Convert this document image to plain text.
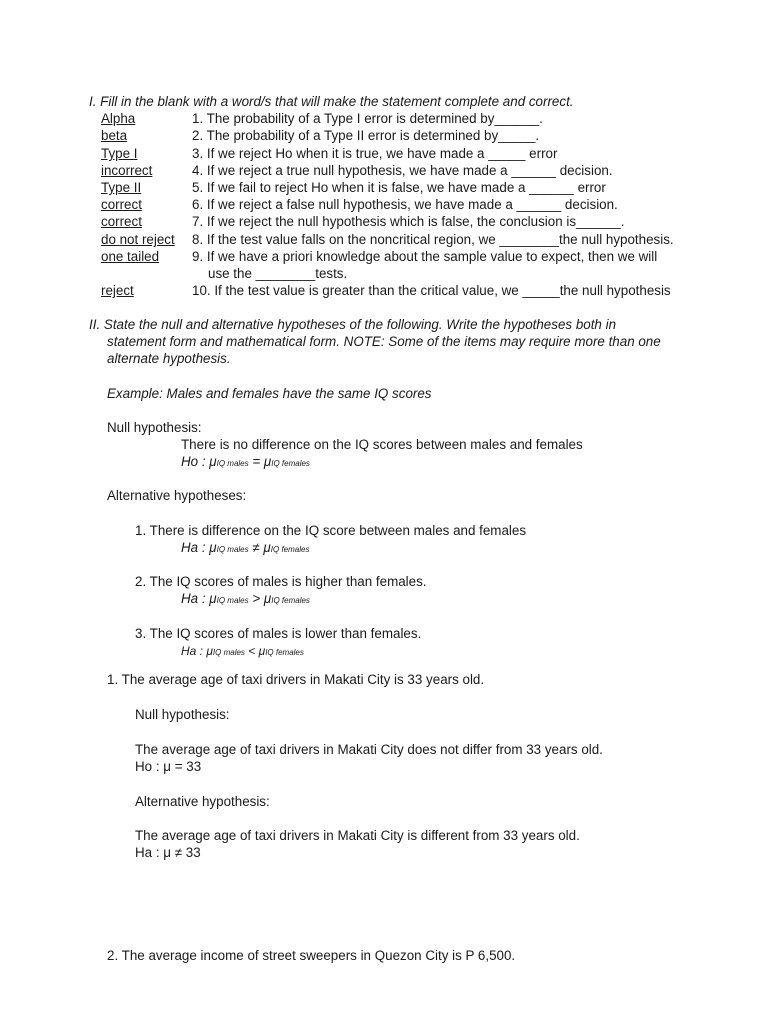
I. Fill in the blank with a word/s that will make the statement complete and correct.
Alpha	1. The probability of a Type I error is determined by______.
beta	2. The probability of a Type II error is determined by_____.
Type I	3. If we reject Ho when it is true, we have made a _____ error
incorrect	4. If we reject a true null hypothesis, we have made a ______ decision.
Type II	5. If we fail to reject Ho when it is false, we have made a ______ error
correct	6. If we reject a false null hypothesis, we have made a ______ decision.
correct	7. If we reject the null hypothesis which is false, the conclusion is______.
do not reject 8. If the test value falls on the noncritical region, we ________the null hypothesis.
one tailed 9. If we have a priori knowledge about the sample value to expect, then we will
use the ________tests.
reject	10. If the test value is greater than the critical value, we _____the null hypothesis
II. State the null and alternative hypotheses of the following. Write the hypotheses both in
statement form and mathematical form. NOTE: Some of the items may require more than one
alternate hypothesis.
Example: Males and females have the same IQ scores
Null hypothesis:
There is no difference on the IQ scores between males and females
Ho : μIQ males = μIQ females
Alternative hypotheses:
1. There is difference on the IQ score between males and females
Ha : μIQ males ≠ μIQ females
2. The IQ scores of males is higher than females.
Ha : μIQ males > μIQ females
3. The IQ scores of males is lower than females.
Ha : μIQ males < μIQ females
1. The average age of taxi drivers in Makati City is 33 years old.
Null hypothesis:
The average age of taxi drivers in Makati City does not differ from 33 years old.
Ho : μ = 33
Alternative hypothesis:
The average age of taxi drivers in Makati City is different from 33 years old.
Ha : μ ≠ 33
2. The average income of street sweepers in Quezon City is P 6,500.
